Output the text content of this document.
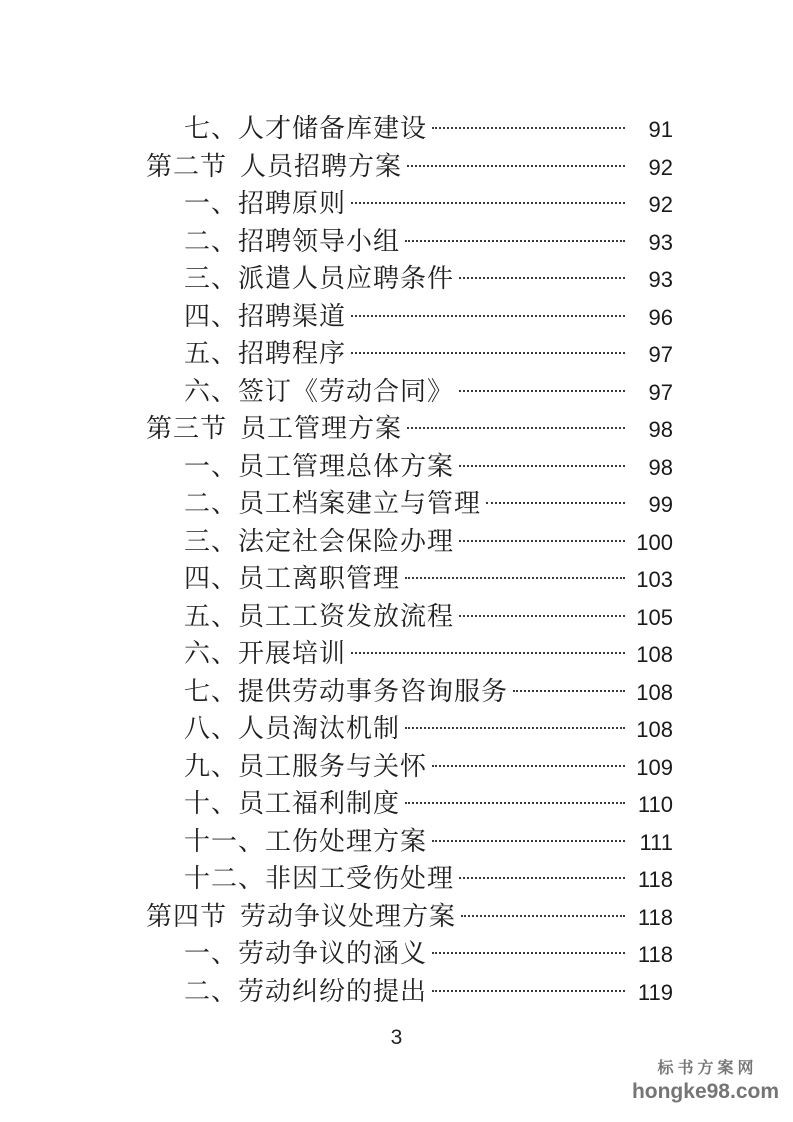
七、 人才储备库建设	91
第二节 人员招聘方案	92
一、 招聘原则	92
二、 招聘领导小组	93
三、 派遣人员应聘条件	93
四、 招聘渠道	96
五、 招聘程序	97
六、 签订《劳动合同》	97
第三节 员工管理方案	98
一、 员工管理总体方案	98
二、 员工档案建立与管理	99
三、 法定社会保险办理	100
四、 员工离职管理	103
五、 员工工资发放流程	105
六、 开展培训	108
七、 提供劳动事务咨询服务	108
八、 人员淘汰机制	108
九、 员工服务与关怀	109
十、 员工福利制度	110
十一、 工伤处理方案	111
十二、 非因工受伤处理	118
第四节 劳动争议处理方案	118
一、 劳动争议的涵义	118
二、 劳动纠纷的提出	119
3
标书方案网
hongke98.com
